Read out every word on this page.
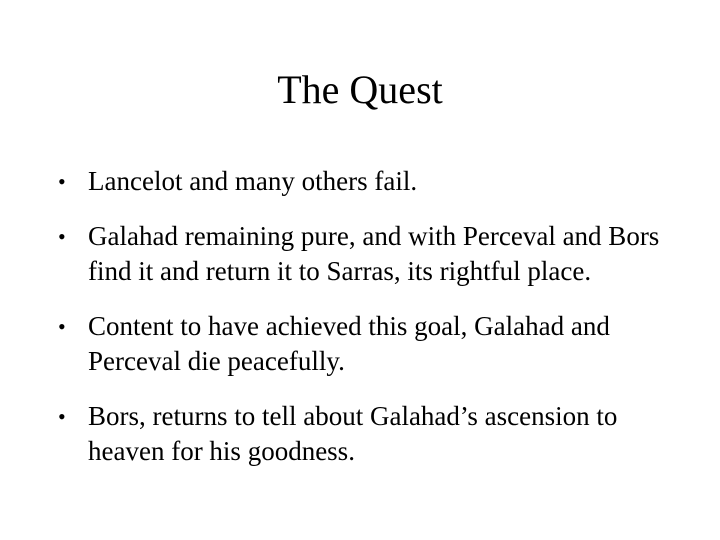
The Quest
• Lancelot and many others fail.
• Galahad remaining pure, and with Perceval and Bors find it and return it to Sarras, its rightful place.
• Content to have achieved this goal, Galahad and Perceval die peacefully.
• Bors, returns to tell about Galahad’s ascension to heaven for his goodness.
